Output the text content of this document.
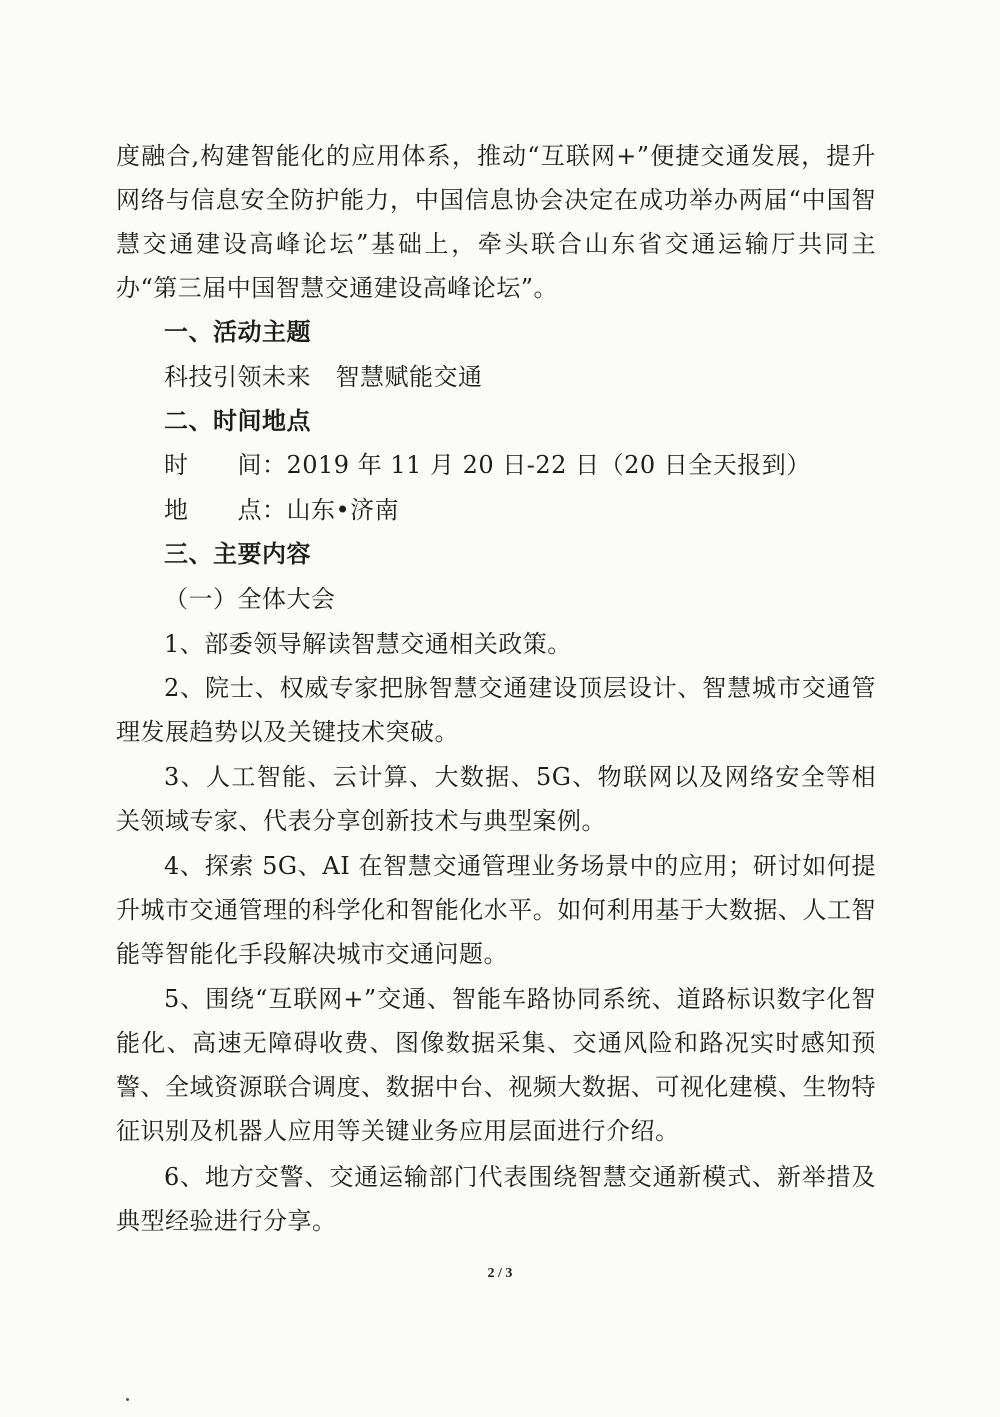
度融合,构建智能化的应用体系，推动“互联网+”便捷交通发展，提升网络与信息安全防护能力，中国信息协会决定在成功举办两届“中国智慧交通建设高峰论坛”基础上，牵头联合山东省交通运输厅共同主办“第三届中国智慧交通建设高峰论坛”。

一、活动主题

科技引领未来　智慧赋能交通

二、时间地点

时　　间：2019 年 11 月 20 日-22 日（20 日全天报到）

地　　点：山东•济南

三、主要内容

（一）全体大会

1、部委领导解读智慧交通相关政策。

2、院士、权威专家把脉智慧交通建设顶层设计、智慧城市交通管理发展趋势以及关键技术突破。

3、人工智能、云计算、大数据、5G、物联网以及网络安全等相关领域专家、代表分享创新技术与典型案例。

4、探索 5G、AI 在智慧交通管理业务场景中的应用；研讨如何提升城市交通管理的科学化和智能化水平。如何利用基于大数据、人工智能等智能化手段解决城市交通问题。

5、围绕“互联网+”交通、智能车路协同系统、道路标识数字化智能化、高速无障碍收费、图像数据采集、交通风险和路况实时感知预警、全域资源联合调度、数据中台、视频大数据、可视化建模、生物特征识别及机器人应用等关键业务应用层面进行介绍。

6、地方交警、交通运输部门代表围绕智慧交通新模式、新举措及典型经验进行分享。

2 / 3
